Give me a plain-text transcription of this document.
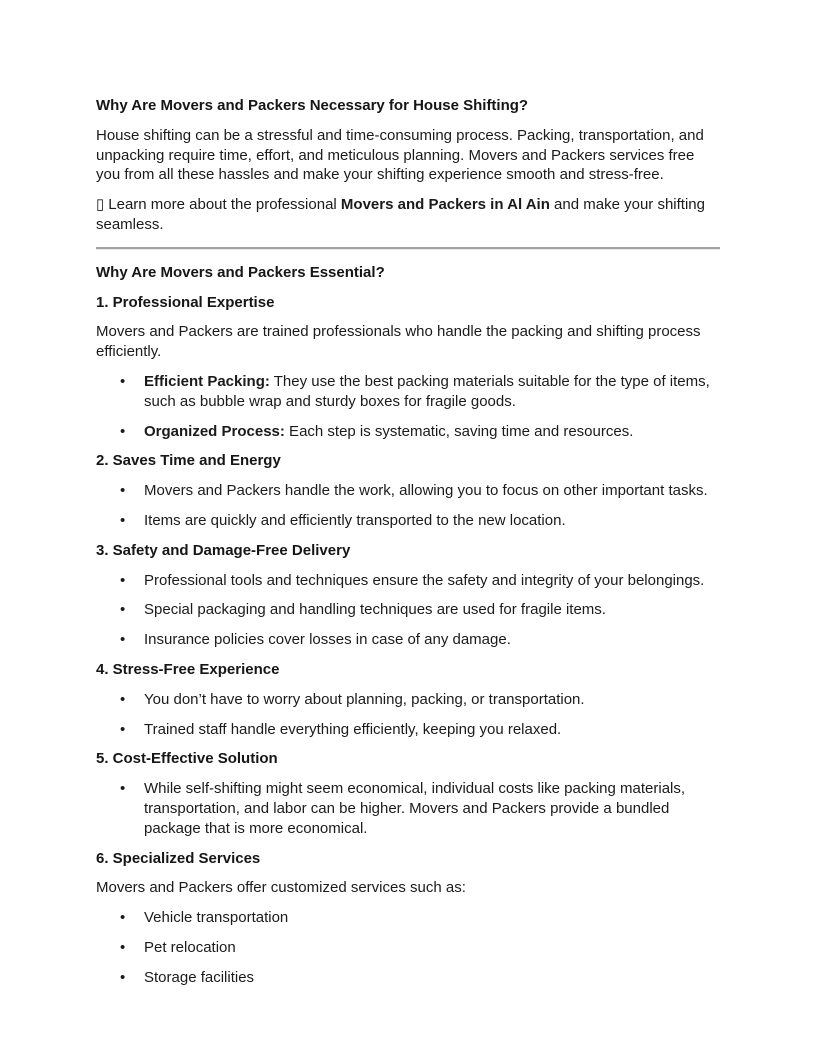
Why Are Movers and Packers Necessary for House Shifting?

House shifting can be a stressful and time-consuming process. Packing, transportation, and unpacking require time, effort, and meticulous planning. Movers and Packers services free you from all these hassles and make your shifting experience smooth and stress-free.

▯ Learn more about the professional Movers and Packers in Al Ain and make your shifting seamless.

Why Are Movers and Packers Essential?
1. Professional Expertise

Movers and Packers are trained professionals who handle the packing and shifting process efficiently.

• Efficient Packing: They use the best packing materials suitable for the type of items, such as bubble wrap and sturdy boxes for fragile goods.
• Organized Process: Each step is systematic, saving time and resources.
2. Saves Time and Energy
• Movers and Packers handle the work, allowing you to focus on other important tasks.
• Items are quickly and efficiently transported to the new location.
3. Safety and Damage-Free Delivery
• Professional tools and techniques ensure the safety and integrity of your belongings.
• Special packaging and handling techniques are used for fragile items.
• Insurance policies cover losses in case of any damage.
4. Stress-Free Experience
• You don’t have to worry about planning, packing, or transportation.
• Trained staff handle everything efficiently, keeping you relaxed.
5. Cost-Effective Solution
• While self-shifting might seem economical, individual costs like packing materials, transportation, and labor can be higher. Movers and Packers provide a bundled package that is more economical.
6. Specialized Services

Movers and Packers offer customized services such as:

• Vehicle transportation
• Pet relocation
• Storage facilities
